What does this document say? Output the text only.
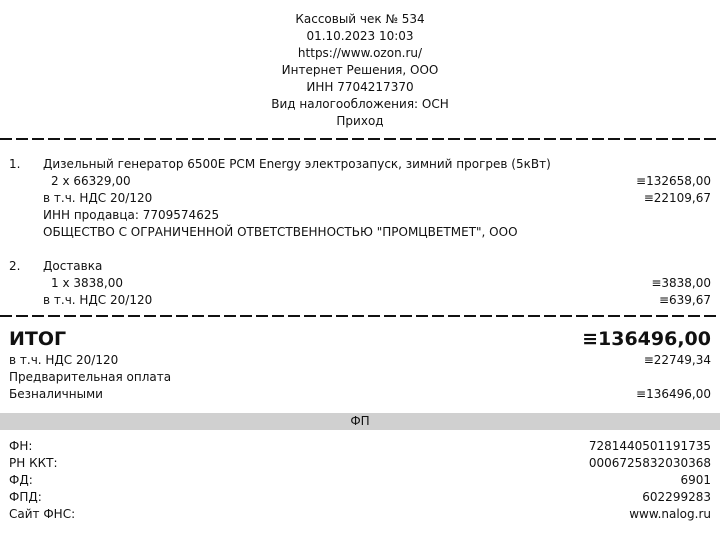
Кассовый чек № 534
01.10.2023 10:03
https://www.ozon.ru/
Интернет Решения, ООО
ИНН 7704217370
Вид налогообложения: ОСН
Приход
1. Дизельный генератор 6500E PCM Energy электрозапуск, зимний прогрев (5кВт)
2 x 66329,00	≡132658,00
в т.ч. НДС 20/120	≡22109,67
ИНН продавца: 7709574625
ОБЩЕСТВО С ОГРАНИЧЕННОЙ ОТВЕТСТВЕННОСТЬЮ "ПРОМЦВЕТМЕТ", ООО
2. Доставка
1 x 3838,00	≡3838,00
в т.ч. НДС 20/120	≡639,67
ИТОГ	≡136496,00
в т.ч. НДС 20/120	≡22749,34
Предварительная оплата
Безналичными	≡136496,00
ФП
ФН:	7281440501191735
РН ККТ:	0006725832030368
ФД:	6901
ФПД:	602299283
Сайт ФНС:	www.nalog.ru
